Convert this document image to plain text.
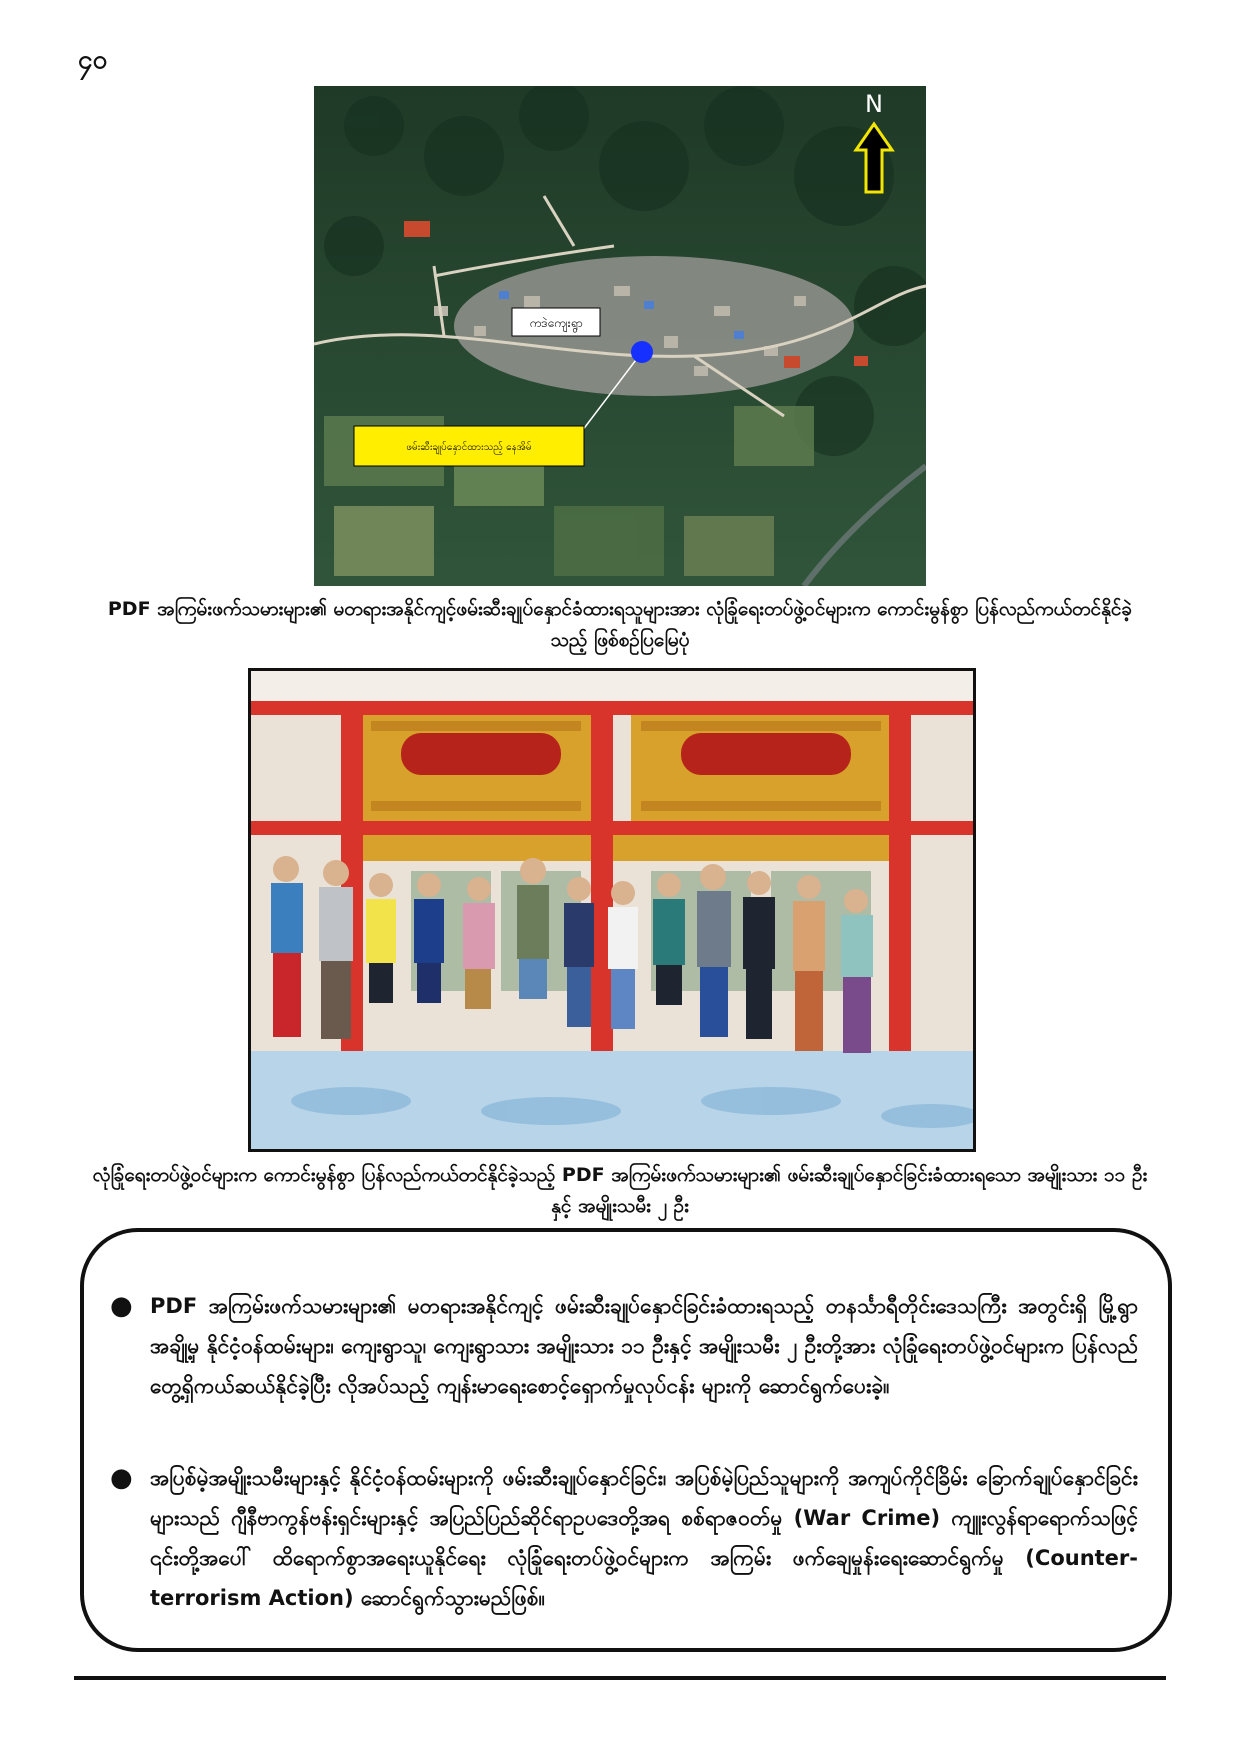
၄၀
ကဒဲကျေးရွာ
ဖမ်းဆီးချုပ်နှောင်ထားသည့် နေအိမ်
N
PDF အကြမ်းဖက်သမားများ၏ မတရားအနိုင်ကျင့်ဖမ်းဆီးချုပ်နှောင်ခံထားရသူများအား လုံခြုံရေးတပ်ဖွဲ့ဝင်များက ကောင်းမွန်စွာ ပြန်လည်ကယ်တင်နိုင်ခဲ့သည့် ဖြစ်စဉ်ပြမြေပုံ
လုံခြုံရေးတပ်ဖွဲ့ဝင်များက ကောင်းမွန်စွာ ပြန်လည်ကယ်တင်နိုင်ခဲ့သည့် PDF အကြမ်းဖက်သမားများ၏ ဖမ်းဆီးချုပ်နှောင်ခြင်းခံထားရသော အမျိုးသား ၁၁ ဦးနှင့် အမျိုးသမီး ၂ ဦး
● PDF အကြမ်းဖက်သမားများ၏ မတရားအနိုင်ကျင့် ဖမ်းဆီးချုပ်နှောင်ခြင်းခံထားရသည့် တနင်္သာရီတိုင်းဒေသကြီး အတွင်းရှိ မြို့ရွာအချို့မှ နိုင်ငံ့ဝန်ထမ်းများ၊ ကျေးရွာသူ၊ ကျေးရွာသား အမျိုးသား ၁၁ ဦးနှင့် အမျိုးသမီး ၂ ဦးတို့အား လုံခြုံရေးတပ်ဖွဲ့ဝင်များက ပြန်လည်တွေ့ရှိကယ်ဆယ်နိုင်ခဲ့ပြီး လိုအပ်သည့် ကျန်းမာရေးစောင့်ရှောက်မှုလုပ်ငန်း များကို ဆောင်ရွက်ပေးခဲ့။
● အပြစ်မဲ့အမျိုးသမီးများနှင့် နိုင်ငံ့ဝန်ထမ်းများကို ဖမ်းဆီးချုပ်နှောင်ခြင်း၊ အပြစ်မဲ့ပြည်သူများကို အကျပ်ကိုင်ခြိမ်း ခြောက်ချုပ်နှောင်ခြင်းများသည် ဂျီနီဗာကွန်ဗန်းရှင်းများနှင့် အပြည်ပြည်ဆိုင်ရာဥပဒေတို့အရ စစ်ရာဇဝတ်မှု (War Crime) ကျူးလွန်ရာရောက်သဖြင့် ၎င်းတို့အပေါ် ထိရောက်စွာအရေးယူနိုင်ရေး လုံခြုံရေးတပ်ဖွဲ့ဝင်များက အကြမ်း ဖက်ချေမှုန်းရေးဆောင်ရွက်မှု (Counter-terrorism Action) ဆောင်ရွက်သွားမည်ဖြစ်။
